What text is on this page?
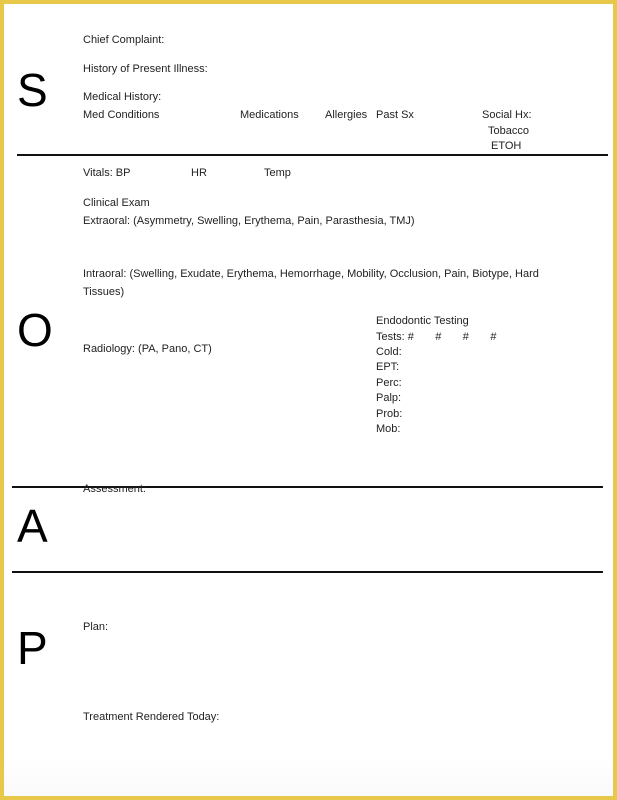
S
Chief Complaint:
History of Present Illness:
Medical History:
Med Conditions	Medications Allergies Past Sx	Social Hx:
Tobacco
ETOH
O
Vitals: BP	HR	Temp
Clinical Exam
Extraoral: (Asymmetry, Swelling, Erythema, Pain, Parasthesia, TMJ)
Intraoral: (Swelling, Exudate, Erythema, Hemorrhage, Mobility, Occlusion, Pain, Biotype, Hard Tissues)
Radiology: (PA, Pano, CT)
Endodontic Testing
Tests: #       #       #       #
Cold:
EPT:
Perc:
Palp:
Prob:
Mob:
Assessment:
A
P	Plan:
Treatment Rendered Today:
